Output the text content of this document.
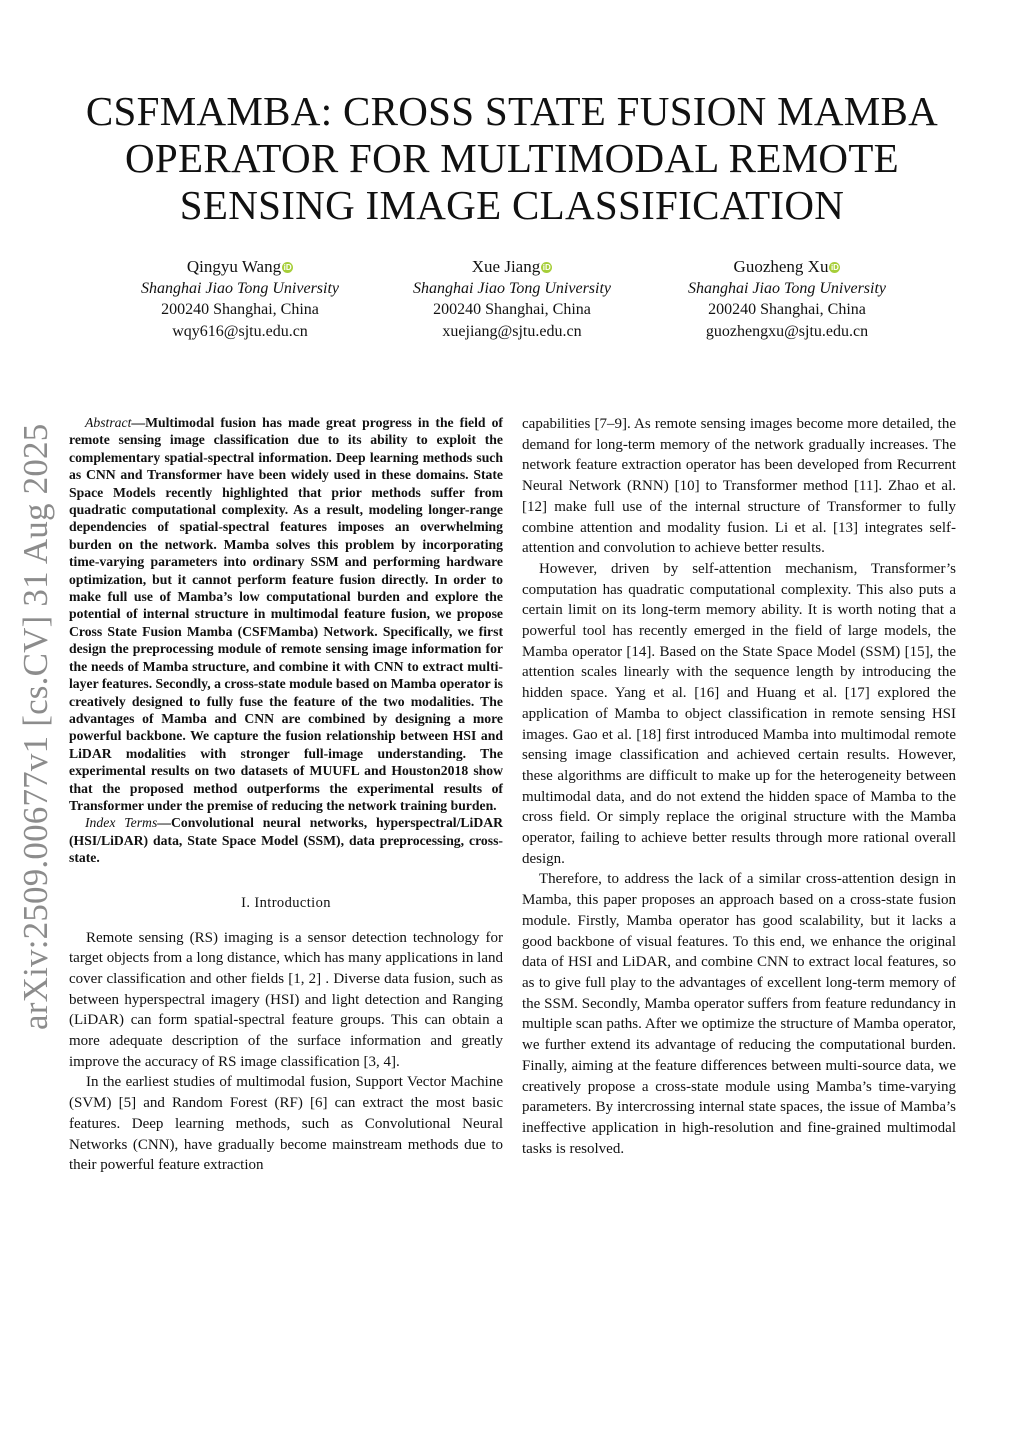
arXiv:2509.00677v1 [cs.CV] 31 Aug 2025
CSFMAMBA: CROSS STATE FUSION MAMBA OPERATOR FOR MULTIMODAL REMOTE SENSING IMAGE CLASSIFICATION
Qingyu Wang iD
Shanghai Jiao Tong University
200240 Shanghai, China
wqy616@sjtu.edu.cn
Xue Jiang iD
Shanghai Jiao Tong University
200240 Shanghai, China
xuejiang@sjtu.edu.cn
Guozheng Xu iD
Shanghai Jiao Tong University
200240 Shanghai, China
guozhengxu@sjtu.edu.cn

Abstract—Multimodal fusion has made great progress in the field of remote sensing image classification due to its ability to exploit the complementary spatial-spectral information. Deep learning methods such as CNN and Transformer have been widely used in these domains. State Space Models recently highlighted that prior methods suffer from quadratic computational complexity. As a result, modeling longer-range dependencies of spatial-spectral features imposes an overwhelming burden on the network. Mamba solves this problem by incorporating time-varying parameters into ordinary SSM and performing hardware optimization, but it cannot perform feature fusion directly. In order to make full use of Mamba’s low computational burden and explore the potential of internal structure in multimodal feature fusion, we propose Cross State Fusion Mamba (CSFMamba) Network. Specifically, we first design the preprocessing module of remote sensing image information for the needs of Mamba structure, and combine it with CNN to extract multi-layer features. Secondly, a cross-state module based on Mamba operator is creatively designed to fully fuse the feature of the two modalities. The advantages of Mamba and CNN are combined by designing a more powerful backbone. We capture the fusion relationship between HSI and LiDAR modalities with stronger full-image understanding. The experimental results on two datasets of MUUFL and Houston2018 show that the proposed method outperforms the experimental results of Transformer under the premise of reducing the network training burden.

Index Terms—Convolutional neural networks, hyperspectral/LiDAR (HSI/LiDAR) data, State Space Model (SSM), data preprocessing, cross-state.

I. Introduction

Remote sensing (RS) imaging is a sensor detection technology for target objects from a long distance, which has many applications in land cover classification and other fields [1, 2] . Diverse data fusion, such as between hyperspectral imagery (HSI) and light detection and Ranging (LiDAR) can form spatial-spectral feature groups. This can obtain a more adequate description of the surface information and greatly improve the accuracy of RS image classification [3, 4].

In the earliest studies of multimodal fusion, Support Vector Machine (SVM) [5] and Random Forest (RF) [6] can extract the most basic features. Deep learning methods, such as Convolutional Neural Networks (CNN), have gradually become mainstream methods due to their powerful feature extraction

capabilities [7–9]. As remote sensing images become more detailed, the demand for long-term memory of the network gradually increases. The network feature extraction operator has been developed from Recurrent Neural Network (RNN) [10] to Transformer method [11]. Zhao et al. [12] make full use of the internal structure of Transformer to fully combine attention and modality fusion. Li et al. [13] integrates self-attention and convolution to achieve better results.

However, driven by self-attention mechanism, Transformer’s computation has quadratic computational complexity. This also puts a certain limit on its long-term memory ability. It is worth noting that a powerful tool has recently emerged in the field of large models, the Mamba operator [14]. Based on the State Space Model (SSM) [15], the attention scales linearly with the sequence length by introducing the hidden space. Yang et al. [16] and Huang et al. [17] explored the application of Mamba to object classification in remote sensing HSI images. Gao et al. [18] first introduced Mamba into multimodal remote sensing image classification and achieved certain results. However, these algorithms are difficult to make up for the heterogeneity between multimodal data, and do not extend the hidden space of Mamba to the cross field. Or simply replace the original structure with the Mamba operator, failing to achieve better results through more rational overall design.

Therefore, to address the lack of a similar cross-attention design in Mamba, this paper proposes an approach based on a cross-state fusion module. Firstly, Mamba operator has good scalability, but it lacks a good backbone of visual features. To this end, we enhance the original data of HSI and LiDAR, and combine CNN to extract local features, so as to give full play to the advantages of excellent long-term memory of the SSM. Secondly, Mamba operator suffers from feature redundancy in multiple scan paths. After we optimize the structure of Mamba operator, we further extend its advantage of reducing the computational burden. Finally, aiming at the feature differences between multi-source data, we creatively propose a cross-state module using Mamba’s time-varying parameters. By intercrossing internal state spaces, the issue of Mamba’s ineffective application in high-resolution and fine-grained multimodal tasks is resolved.
